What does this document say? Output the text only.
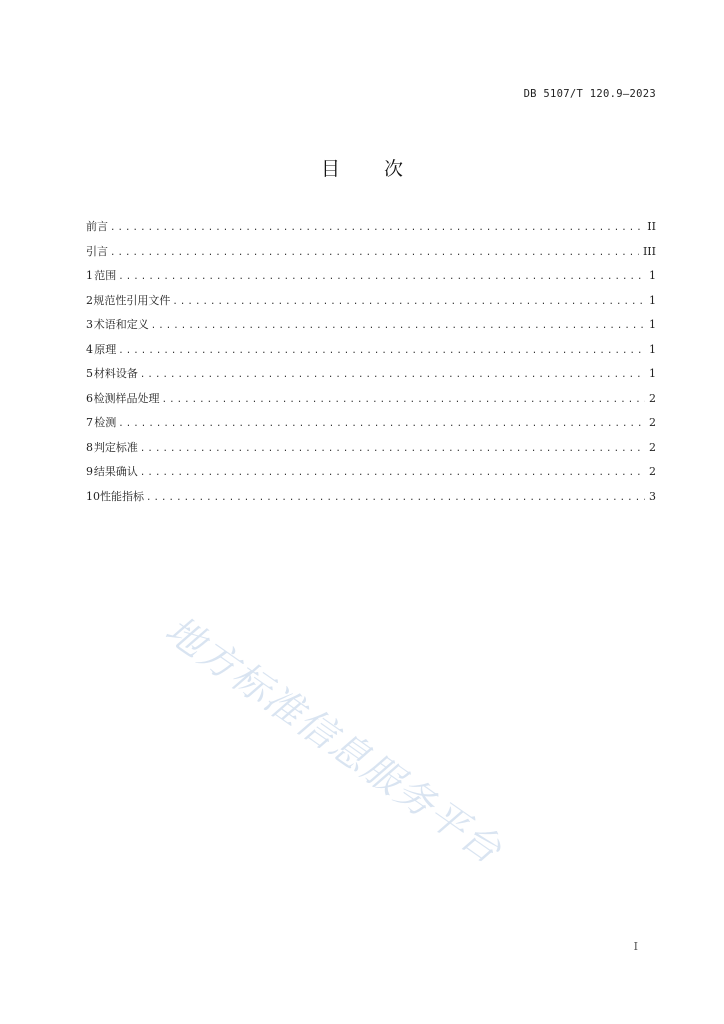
DB 5107/T 120.9—2023
目 次
前言 .....	II
引言 .....	III
1 范围 .....	1
2 规范性引用文件 .....	1
3 术语和定义 .....	1
4 原理 .....	1
5 材料设备 .....	1
6 检测样品处理 .....	2
7 检测 .....	2
8 判定标准 .....	2
9 结果确认 .....	2
10 性能指标 .....	3
地方标准信息服务平台
I
